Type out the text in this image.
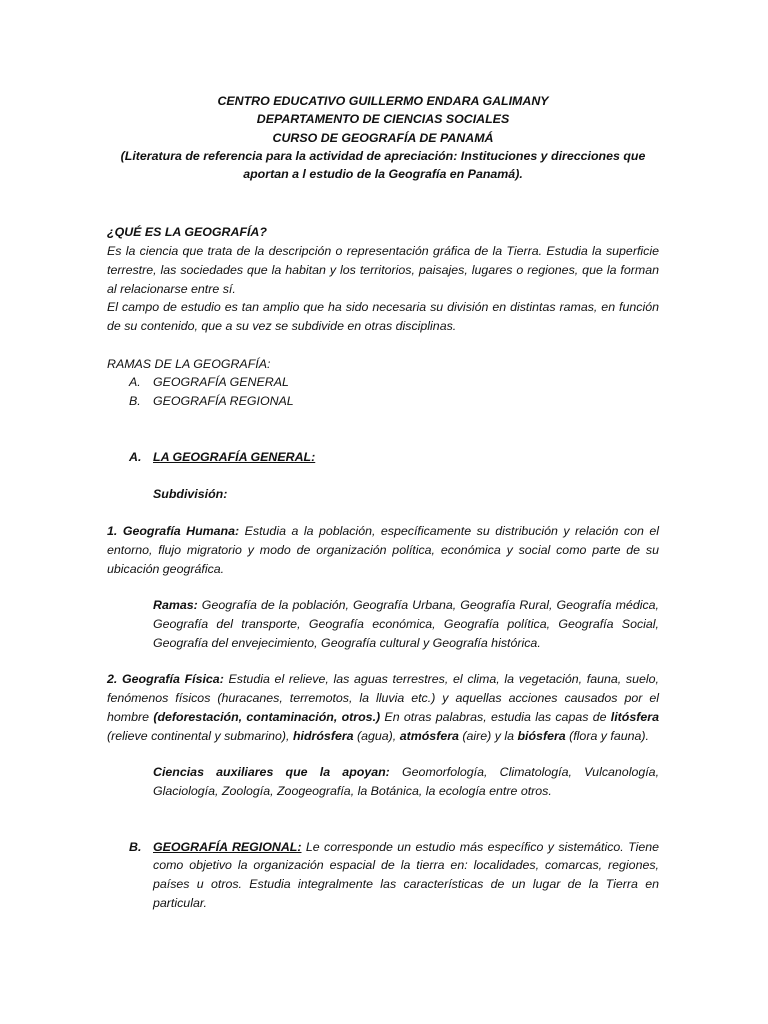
CENTRO EDUCATIVO GUILLERMO ENDARA GALIMANY

DEPARTAMENTO DE CIENCIAS SOCIALES

CURSO DE GEOGRAFÍA DE PANAMÁ

(Literatura de referencia para la actividad de apreciación: Instituciones y direcciones que aportan a l estudio de la Geografía en Panamá).

¿QUÉ ES LA GEOGRAFÍA?

Es la ciencia que trata de la descripción o representación gráfica de la Tierra. Estudia la superficie terrestre, las sociedades que la habitan y los territorios, paisajes, lugares o regiones, que la forman al relacionarse entre sí.

El campo de estudio es tan amplio que ha sido necesaria su división en distintas ramas, en función de su contenido, que a su vez se subdivide en otras disciplinas.

RAMAS DE LA GEOGRAFÍA:

A. GEOGRAFÍA GENERAL
B. GEOGRAFÍA REGIONAL
A. LA GEOGRAFÍA GENERAL:

Subdivisión:

1. Geografía Humana: Estudia a la población, específicamente su distribución y relación con el entorno, flujo migratorio y modo de organización política, económica y social como parte de su ubicación geográfica.

Ramas: Geografía de la población, Geografía Urbana, Geografía Rural, Geografía médica, Geografía del transporte, Geografía económica, Geografía política, Geografía Social, Geografía del envejecimiento, Geografía cultural y Geografía histórica.

2. Geografía Física: Estudia el relieve, las aguas terrestres, el clima, la vegetación, fauna, suelo, fenómenos físicos (huracanes, terremotos, la lluvia etc.) y aquellas acciones causados por el hombre (deforestación, contaminación, otros.) En otras palabras, estudia las capas de litósfera (relieve continental y submarino), hidrósfera (agua), atmósfera (aire) y la biósfera (flora y fauna).

Ciencias auxiliares que la apoyan: Geomorfología, Climatología, Vulcanología, Glaciología, Zoología, Zoogeografía, la Botánica, la ecología entre otros.

B. GEOGRAFÍA REGIONAL: Le corresponde un estudio más específico y sistemático. Tiene como objetivo la organización espacial de la tierra en: localidades, comarcas, regiones, países u otros. Estudia integralmente las características de un lugar de la Tierra en particular.
